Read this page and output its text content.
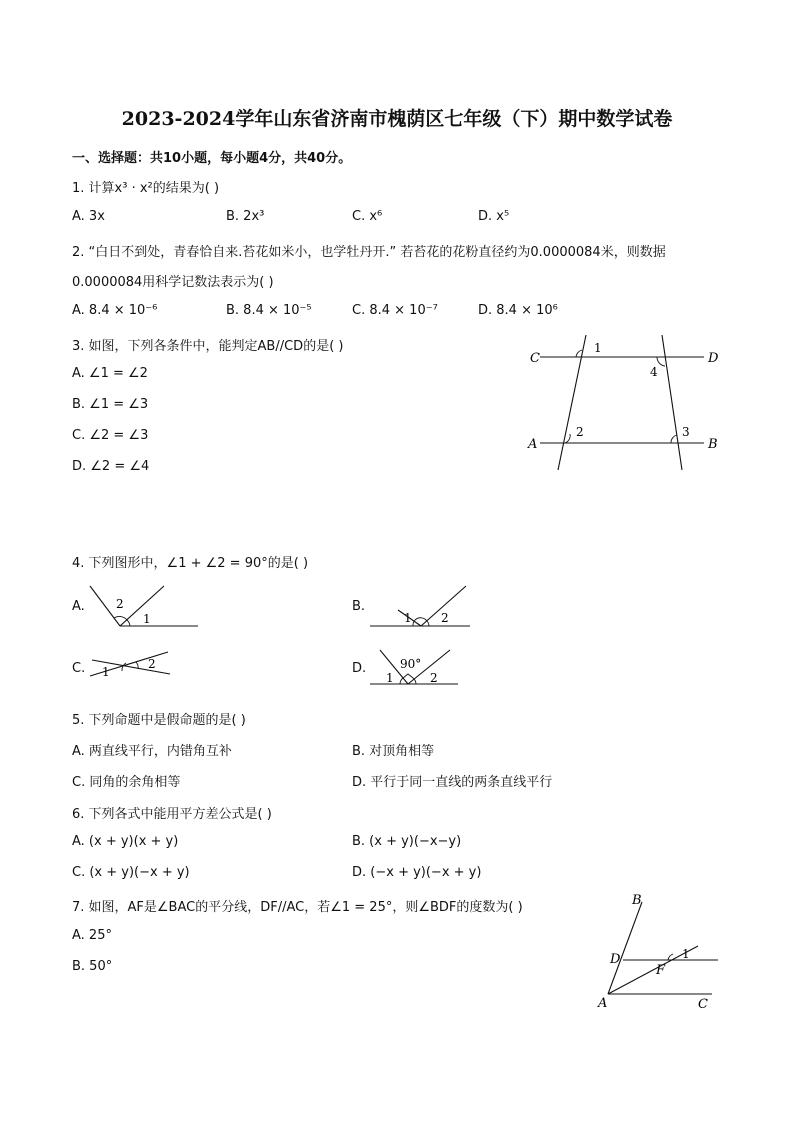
2023-2024学年山东省济南市槐荫区七年级（下）期中数学试卷
一、选择题：共10小题，每小题4分，共40分。
1. 计算x³ · x²的结果为( )
A. 3x	B. 2x³	C. x⁶	D. x⁵
2. “白日不到处，青春恰自来.苔花如米小，也学牡丹开.” 若苔花的花粉直径约为0.0000084米，则数据
0.0000084用科学记数法表示为( )
A. 8.4 × 10⁻⁶	B. 8.4 × 10⁻⁵	C. 8.4 × 10⁻⁷	D. 8.4 × 10⁶
3. 如图，下列各条件中，能判定AB//CD的是( )
A. ∠1 = ∠2
B. ∠1 = ∠3
C. ∠2 = ∠3
D. ∠2 = ∠4
C	D
A	B
1
2	3
4
4. 下列图形中，∠1 + ∠2 = 90°的是( )
A.	2
1
B.
1 2
C. 1
2	D.	90°
1	2
5. 下列命题中是假命题的是( )
A. 两直线平行，内错角互补	B. 对顶角相等
C. 同角的余角相等	D. 平行于同一直线的两条直线平行
6. 下列各式中能用平方差公式是( )
A. (x + y)(x + y)	B. (x + y)(−x−y)
C. (x + y)(−x + y)	D. (−x + y)(−x + y)
7. 如图，AF是∠BAC的平分线，DF//AC，若∠1 = 25°，则∠BDF的度数为( )
A. 25°
B. 50°
B
D
F
A	C
1
